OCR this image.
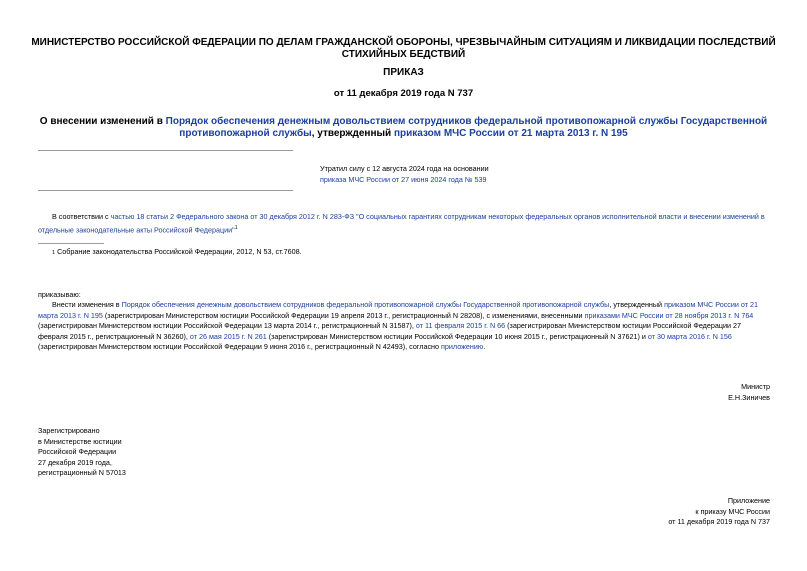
МИНИСТЕРСТВО РОССИЙСКОЙ ФЕДЕРАЦИИ ПО ДЕЛАМ ГРАЖДАНСКОЙ ОБОРОНЫ, ЧРЕЗВЫЧАЙНЫМ СИТУАЦИЯМ И ЛИКВИДАЦИИ ПОСЛЕДСТВИЙ СТИХИЙНЫХ БЕДСТВИЙ
ПРИКАЗ
от 11 декабря 2019 года N 737
О внесении изменений в Порядок обеспечения денежным довольствием сотрудников федеральной противопожарной службы Государственной противопожарной службы, утвержденный приказом МЧС России от 21 марта 2013 г. N 195
Утратил силу с 12 августа 2024 года на основании
приказа МЧС России от 27 июня 2024 года № 539
В соответствии с частью 18 статьи 2 Федерального закона от 30 декабря 2012 г. N 283-ФЗ "О социальных гарантиях сотрудникам некоторых федеральных органов исполнительной власти и внесении изменений в отдельные законодательные акты Российской Федерации"$^1$
1 Собрание законодательства Российской Федерации, 2012, N 53, ст.7608.
приказываю:
Внести изменения в Порядок обеспечения денежным довольствием сотрудников федеральной противопожарной службы Государственной противопожарной службы, утвержденный приказом МЧС России от 21 марта 2013 г. N 195 (зарегистрирован Министерством юстиции Российской Федерации 19 апреля 2013 г., регистрационный N 28208), с изменениями, внесенными приказами МЧС России от 28 ноября 2013 г. N 764 (зарегистрирован Министерством юстиции Российской Федерации 13 марта 2014 г., регистрационный N 31587), от 11 февраля 2015 г. N 66 (зарегистрирован Министерством юстиции Российской Федерации 27 февраля 2015 г., регистрационный N 36260), от 26 мая 2015 г. N 261 (зарегистрирован Министерством юстиции Российской Федерации 10 июня 2015 г., регистрационный N 37621) и от 30 марта 2016 г. N 156 (зарегистрирован Министерством юстиции Российской Федерации 9 июня 2016 г., регистрационный N 42493), согласно приложению.
Министр
Е.Н.Зиничев
Зарегистрировано
в Министерстве юстиции
Российской Федерации
27 декабря 2019 года,
регистрационный N 57013
Приложение
к приказу МЧС России
от 11 декабря 2019 года N 737
